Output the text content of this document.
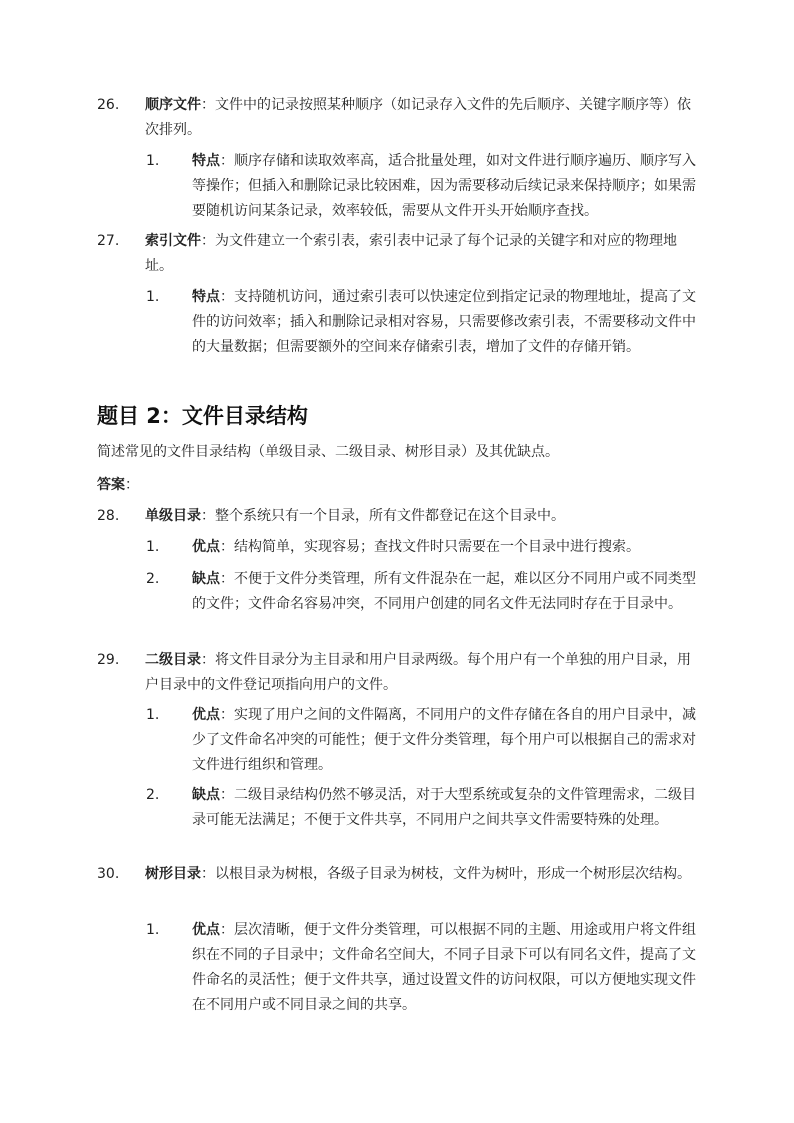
26. 顺序文件：文件中的记录按照某种顺序（如记录存入文件的先后顺序、关键字顺序等）依次排列。
1. 特点：顺序存储和读取效率高，适合批量处理，如对文件进行顺序遍历、顺序写入等操作；但插入和删除记录比较困难，因为需要移动后续记录来保持顺序；如果需要随机访问某条记录，效率较低，需要从文件开头开始顺序查找。
27. 索引文件：为文件建立一个索引表，索引表中记录了每个记录的关键字和对应的物理地址。
1. 特点：支持随机访问，通过索引表可以快速定位到指定记录的物理地址，提高了文件的访问效率；插入和删除记录相对容易，只需要修改索引表，不需要移动文件中的大量数据；但需要额外的空间来存储索引表，增加了文件的存储开销。
题目 2：文件目录结构
简述常见的文件目录结构（单级目录、二级目录、树形目录）及其优缺点。
答案：
28. 单级目录：整个系统只有一个目录，所有文件都登记在这个目录中。
1. 优点：结构简单，实现容易；查找文件时只需要在一个目录中进行搜索。
2. 缺点：不便于文件分类管理，所有文件混杂在一起，难以区分不同用户或不同类型的文件；文件命名容易冲突，不同用户创建的同名文件无法同时存在于目录中。
29. 二级目录：将文件目录分为主目录和用户目录两级。每个用户有一个单独的用户目录，用户目录中的文件登记项指向用户的文件。
1. 优点：实现了用户之间的文件隔离，不同用户的文件存储在各自的用户目录中，减少了文件命名冲突的可能性；便于文件分类管理，每个用户可以根据自己的需求对文件进行组织和管理。
2. 缺点：二级目录结构仍然不够灵活，对于大型系统或复杂的文件管理需求，二级目录可能无法满足；不便于文件共享，不同用户之间共享文件需要特殊的处理。
30. 树形目录：以根目录为树根，各级子目录为树枝，文件为树叶，形成一个树形层次结构。
1. 优点：层次清晰，便于文件分类管理，可以根据不同的主题、用途或用户将文件组织在不同的子目录中；文件命名空间大，不同子目录下可以有同名文件，提高了文件命名的灵活性；便于文件共享，通过设置文件的访问权限，可以方便地实现文件在不同用户或不同目录之间的共享。
